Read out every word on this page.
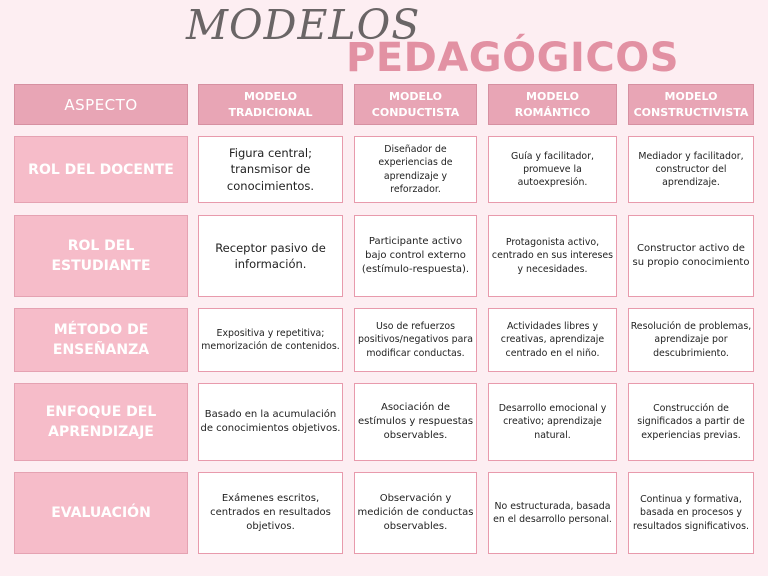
MODELOS
PEDAGÓGICOS
ASPECTO	MODELO TRADICIONAL
MODELO CONDUCTISTA
MODELO ROMÁNTICO
MODELO CONSTRUCTIVISTA
ROL DEL DOCENTE
Figura central; transmisor de conocimientos.
Diseñador de experiencias de aprendizaje y reforzador.
Guía y facilitador, promueve la autoexpresión.
Mediador y facilitador, constructor del aprendizaje.
ROL DEL ESTUDIANTE
Receptor pasivo de información.
Participante activo bajo control externo (estímulo-respuesta).
Protagonista activo, centrado en sus intereses y necesidades.
Constructor activo de su propio conocimiento
MÉTODO DE ENSEÑANZA
Expositiva y repetitiva; memorización de contenidos.
Uso de refuerzos positivos/negativos para modificar conductas.
Actividades libres y creativas, aprendizaje centrado en el niño.
Resolución de problemas, aprendizaje por descubrimiento.
ENFOQUE DEL APRENDIZAJE
Basado en la acumulación de conocimientos objetivos.
Asociación de estímulos y respuestas observables.
Desarrollo emocional y creativo; aprendizaje natural.
Construcción de significados a partir de experiencias previas.
EVALUACIÓN
Exámenes escritos, centrados en resultados objetivos.
Observación y medición de conductas observables.
No estructurada, basada en el desarrollo personal.
Continua y formativa, basada en procesos y resultados significativos.
